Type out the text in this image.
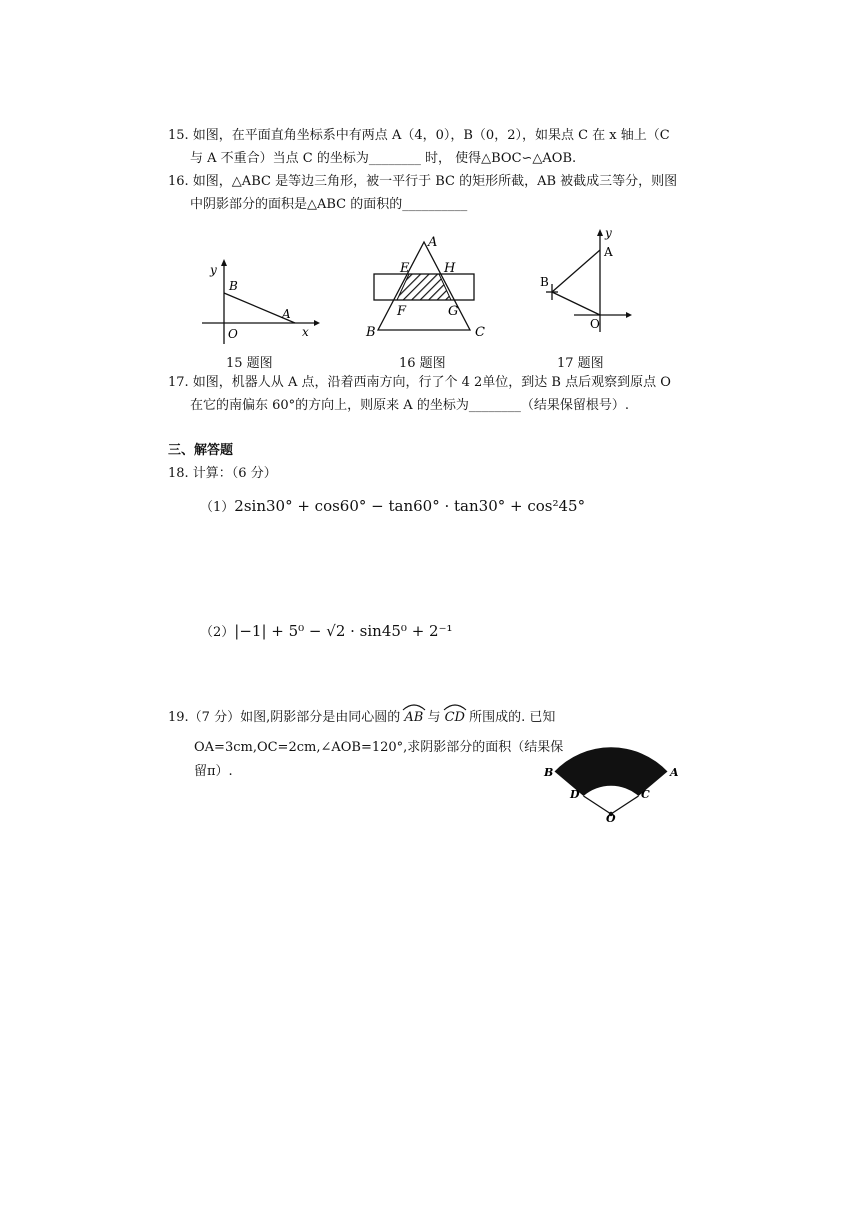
15. 如图，在平面直角坐标系中有两点 A（4，0），B（0，2），如果点 C 在 x 轴上（C
与 A 不重合）当点 C 的坐标为________ 时， 使得△BOC∽△AOB.
16. 如图，△ABC 是等边三角形，被一平行于 BC 的矩形所截，AB 被截成三等分，则图
中阴影部分的面积是△ABC 的面积的__________
y
B
A
x
O
15 题图
A
E	H
F	G
B	C
16 题图
y
A
B
O
17 题图
17. 如图，机器人从 A 点，沿着西南方向，行了个 4 2单位，到达 B 点后观察到原点 O
在它的南偏东 60°的方向上，则原来 A 的坐标为________（结果保留根号）.
三、解答题
18. 计算：（6 分）
（1）2sin30° + cos60° − tan60° · tan30° + cos²45°
（2）|−1| + 5⁰ − √2 · sin45⁰ + 2⁻¹
19.（7 分）如图,阴影部分是由同心圆的 AB 与 CD 所围成的. 已知
OA=3cm,OC=2cm,∠AOB=120°,求阴影部分的面积（结果保
留π）.	B	A
D	C
O
